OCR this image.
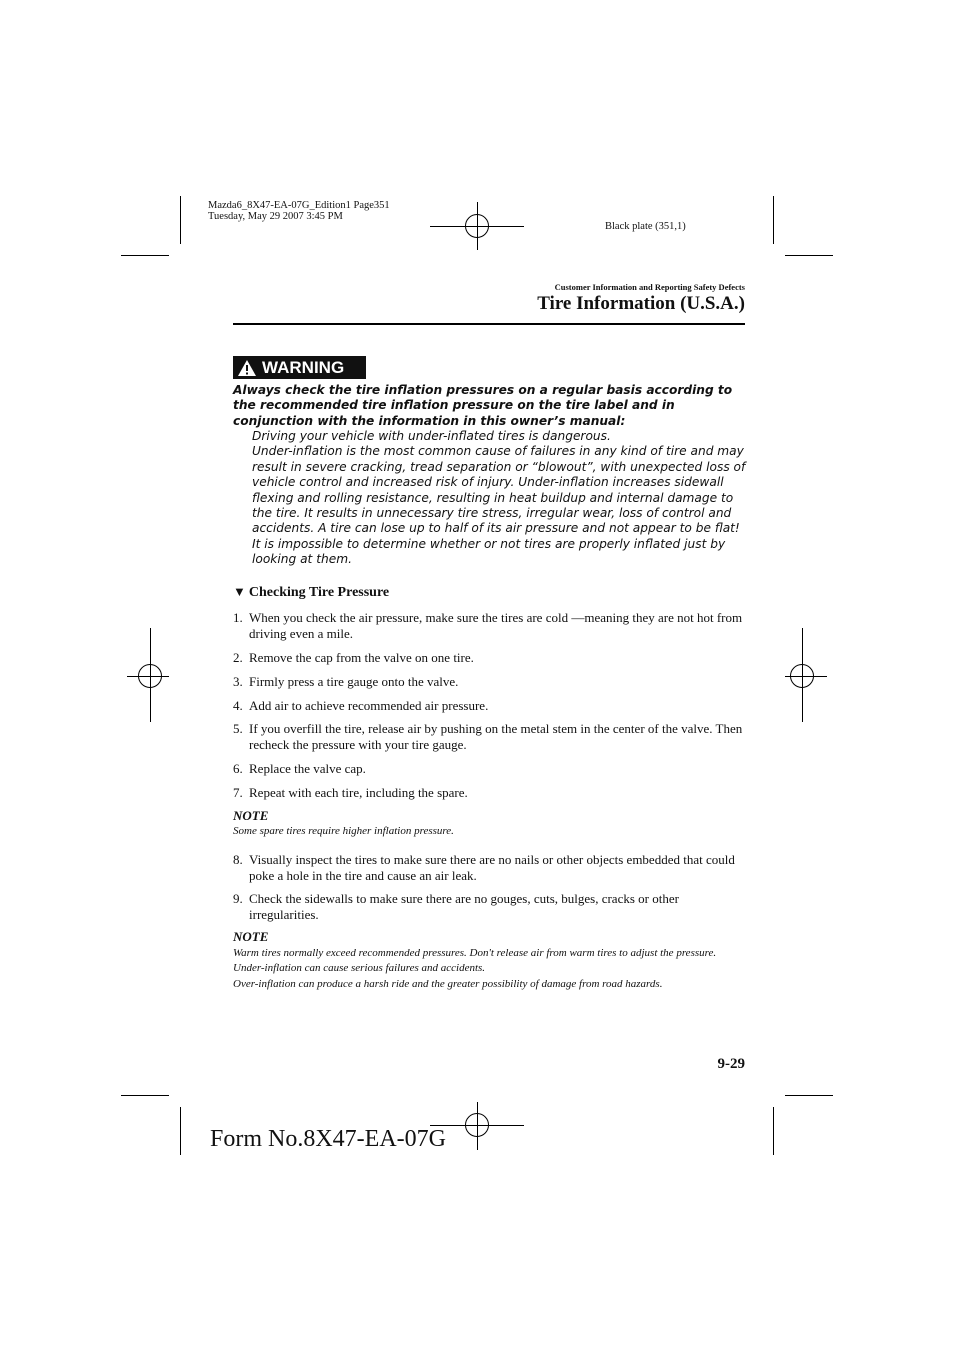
Mazda6_8X47-EA-07G_Edition1 Page351
Tuesday, May 29 2007 3:45 PM
Black plate (351,1)
Customer Information and Reporting Safety Defects
Tire Information (U.S.A.)
WARNING
Always check the tire inflation pressures on a regular basis according to the recommended tire inflation pressure on the tire label and in conjunction with the information in this owner’s manual:

Driving your vehicle with under-inflated tires is dangerous.

Under-inflation is the most common cause of failures in any kind of tire and may result in severe cracking, tread separation or “blowout”, with unexpected loss of vehicle control and increased risk of injury. Under-inflation increases sidewall flexing and rolling resistance, resulting in heat buildup and internal damage to the tire. It results in unnecessary tire stress, irregular wear, loss of control and accidents. A tire can lose up to half of its air pressure and not appear to be flat!

It is impossible to determine whether or not tires are properly inflated just by looking at them.

▼ Checking Tire Pressure
1. When you check the air pressure, make sure the tires are cold —meaning they are not hot from driving even a mile.
2. Remove the cap from the valve on one tire.
3. Firmly press a tire gauge onto the valve.
4. Add air to achieve recommended air pressure.
5. If you overfill the tire, release air by pushing on the metal stem in the center of the valve. Then recheck the pressure with your tire gauge.
6. Replace the valve cap.
7. Repeat with each tire, including the spare.
NOTE
Some spare tires require higher inflation pressure.
8. Visually inspect the tires to make sure there are no nails or other objects embedded that could poke a hole in the tire and cause an air leak.
9. Check the sidewalls to make sure there are no gouges, cuts, bulges, cracks or other irregularities.
NOTE

Warm tires normally exceed recommended pressures. Don't release air from warm tires to adjust the pressure.

Under-inflation can cause serious failures and accidents.

Over-inflation can produce a harsh ride and the greater possibility of damage from road hazards.

9-29
Form No.8X47-EA-07G
